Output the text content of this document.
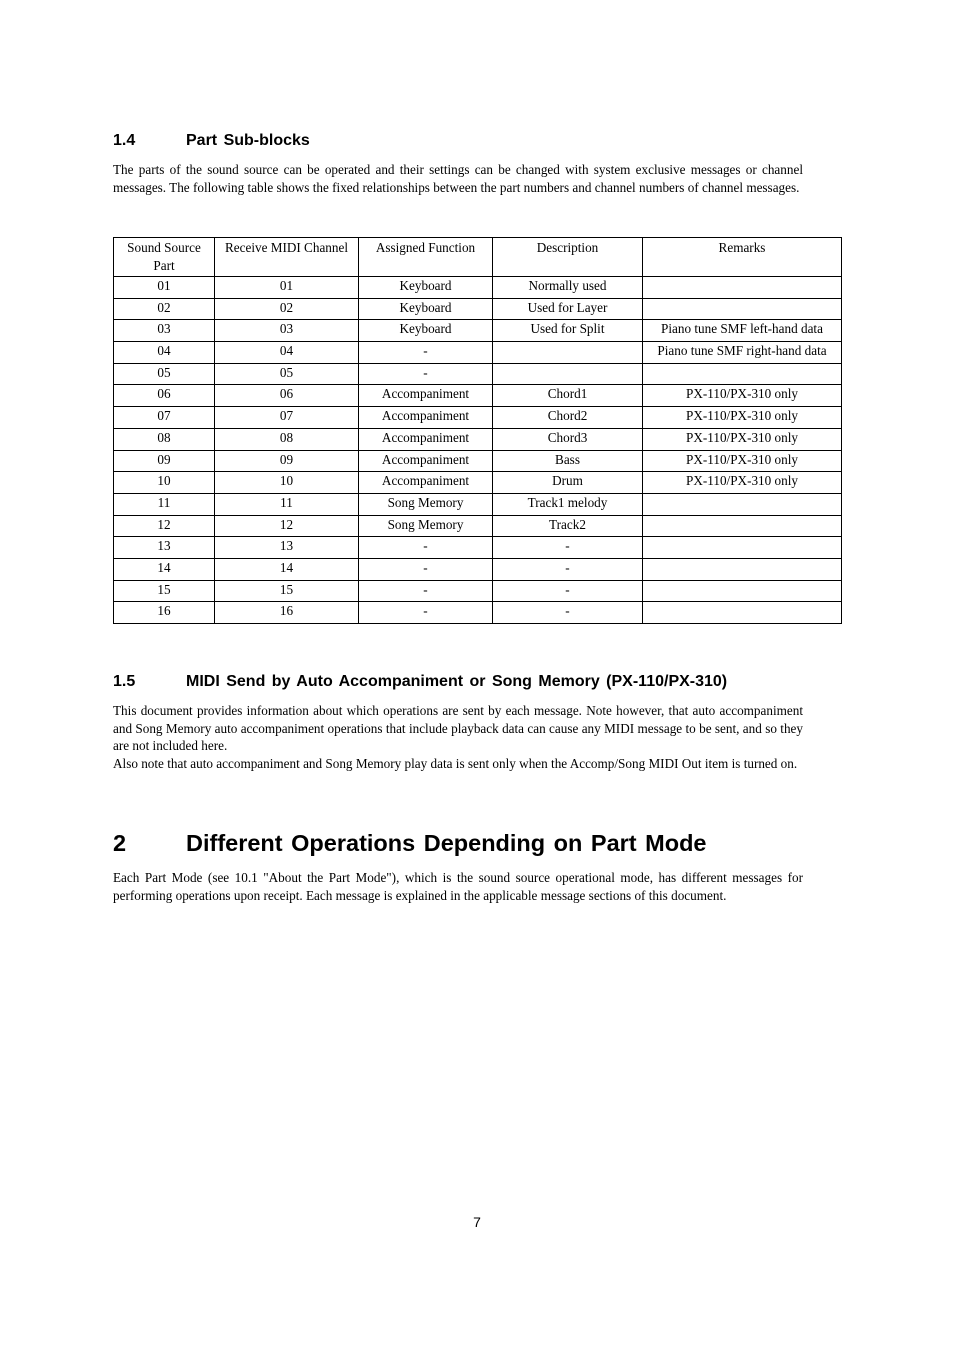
1.4	Part Sub-blocks

The parts of the sound source can be operated and their settings can be changed with system exclusive messages or channel messages. The following table shows the fixed relationships between the part numbers and channel numbers of channel messages.

Sound Source Part	Receive MIDI Channel	Assigned Function	Description	Remarks
01	01	Keyboard	Normally used	
02	02	Keyboard	Used for Layer	
03	03	Keyboard	Used for Split	Piano tune SMF left-hand data
04	04	-		Piano tune SMF right-hand data
05	05	-		
06	06	Accompaniment	Chord1	PX-110/PX-310 only
07	07	Accompaniment	Chord2	PX-110/PX-310 only
08	08	Accompaniment	Chord3	PX-110/PX-310 only
09	09	Accompaniment	Bass	PX-110/PX-310 only
10	10	Accompaniment	Drum	PX-110/PX-310 only
11	11	Song Memory	Track1 melody	
12	12	Song Memory	Track2	
13	13	-	-	
14	14	-	-	
15	15	-	-	
16	16	-	-	
1.5	MIDI Send by Auto Accompaniment or Song Memory (PX-110/PX-310)

This document provides information about which operations are sent by each message. Note however, that auto accompaniment and Song Memory auto accompaniment operations that include playback data can cause any MIDI message to be sent, and so they are not included here.

Also note that auto accompaniment and Song Memory play data is sent only when the Accomp/Song MIDI Out item is turned on.

2	Different Operations Depending on Part Mode

Each Part Mode (see 10.1 "About the Part Mode"), which is the sound source operational mode, has different messages for performing operations upon receipt. Each message is explained in the applicable message sections of this document.

7
